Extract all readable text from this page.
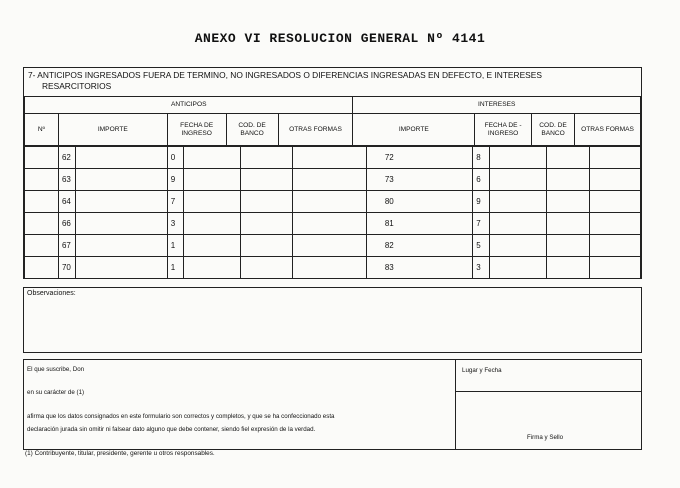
ANEXO VI RESOLUCION GENERAL Nº 4141
7- ANTICIPOS INGRESADOS FUERA DE TERMINO, NO INGRESADOS O DIFERENCIAS INGRESADAS EN DEFECTO, E INTERESES
RESARCITORIOS
ANTICIPOS					INTERESES			
Nº	IMPORTE	FECHA DE INGRESO	COD. DE BANCO	OTRAS FORMAS	IMPORTE	FECHA DE -INGRESO	COD. DE BANCO	OTRAS FORMAS
	62		0					72	8			
	63		9					73	6			
	64		7					80	9			
	66		3					81	7			
	67		1					82	5			
	70		1					83	3			
Observaciones:
El que suscribe, Don
en su carácter de (1)
afirma que los datos consignados en este formulario son correctos y completos, y que se ha confeccionado esta
declaración jurada sin omitir ni falsear dato alguno que debe contener, siendo fiel expresión de la verdad.
Lugar y Fecha
Firma y Sello
(1) Contribuyente, titular, presidente, gerente u otros responsables.
